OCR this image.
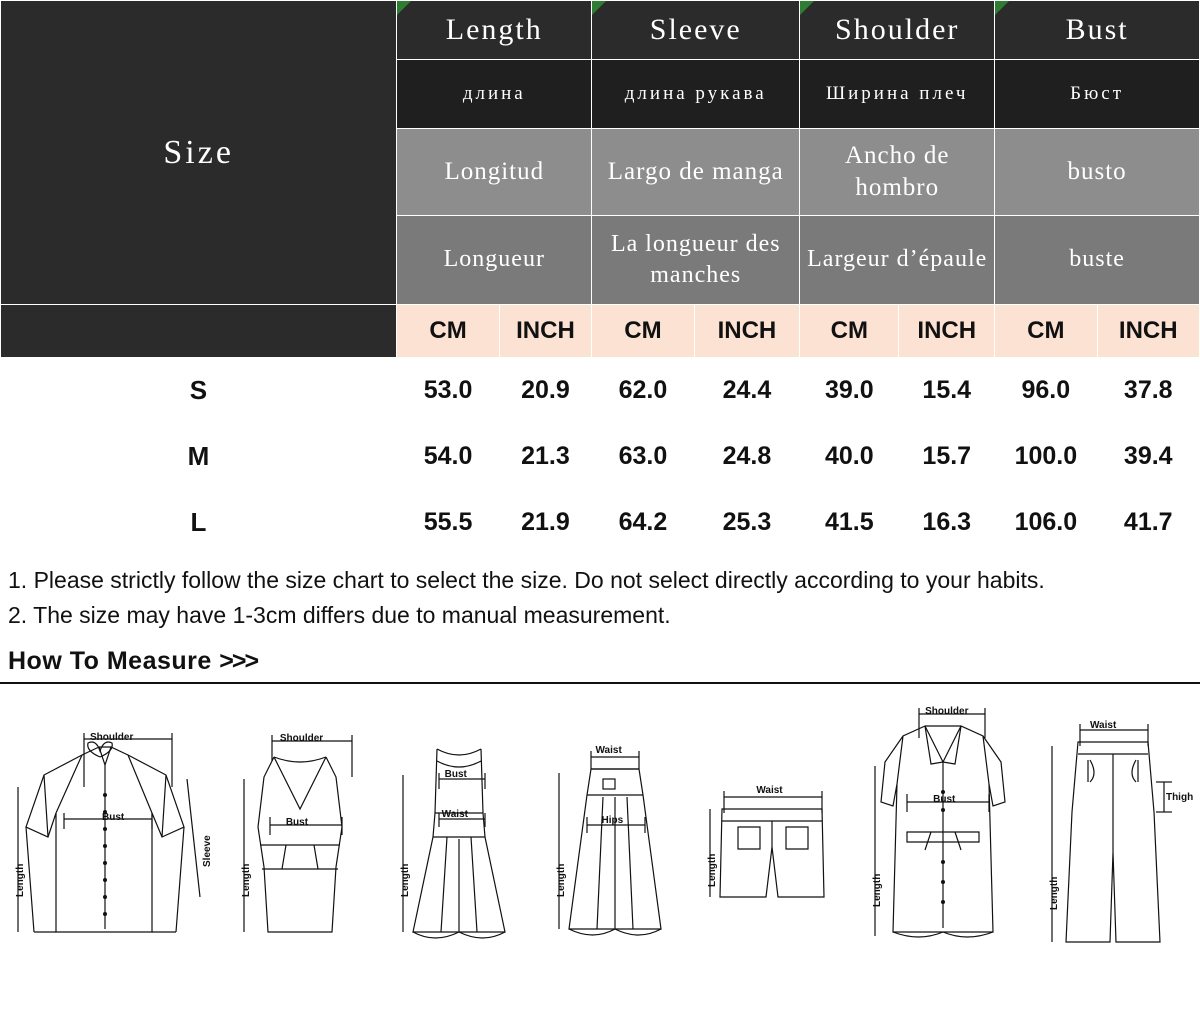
Size	Length		Sleeve		Shoulder		Bust	
	длина		длина рукава		Ширина плеч		Бюст	
	Longitud		Largo de manga		Ancho de hombro		busto	
	Longueur		La longueur des manches		Largeur d’épaule		buste	
	CM	INCH	CM	INCH	CM	INCH	CM	INCH
S	53.0	20.9	62.0	24.4	39.0	15.4	96.0	37.8
M	54.0	21.3	63.0	24.8	40.0	15.7	100.0	39.4
L	55.5	21.9	64.2	25.3	41.5	16.3	106.0	41.7

1. Please strictly follow the size chart to select the size. Do not select directly according to your habits.

2. The size may have 1-3cm differs due to manual measurement.

How To Measure >>>
Shoulder
Bust
Sleeve
Length
Shoulder
Bust
Length
Bust
Waist
Length
Waist
Hips
Length
Waist
Length
Shoulder
Bust
Length
Waist
Thigh
Length
